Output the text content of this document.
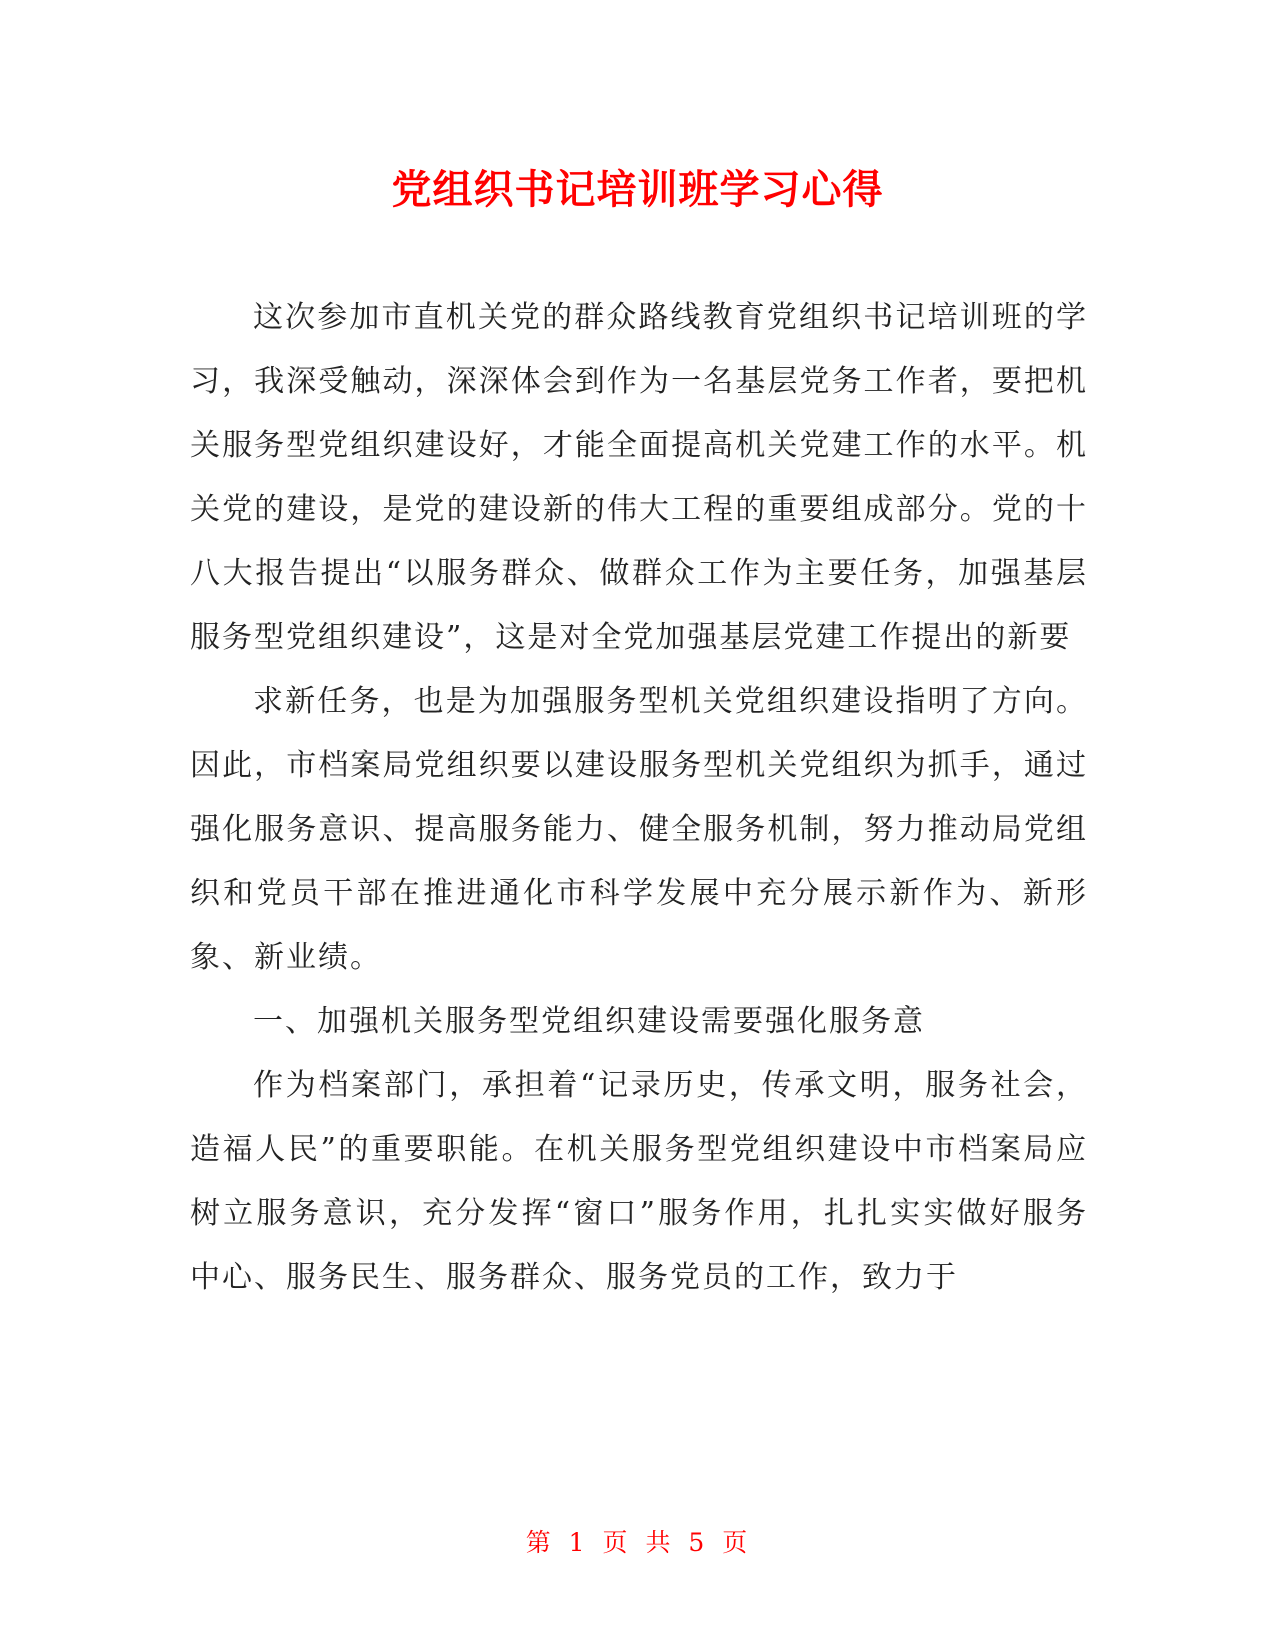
党组织书记培训班学习心得

这次参加市直机关党的群众路线教育党组织书记培训班的学习，我深受触动，深深体会到作为一名基层党务工作者，要把机关服务型党组织建设好，才能全面提高机关党建工作的水平。机关党的建设，是党的建设新的伟大工程的重要组成部分。党的十八大报告提出“以服务群众、做群众工作为主要任务，加强基层服务型党组织建设”，这是对全党加强基层党建工作提出的新要

求新任务，也是为加强服务型机关党组织建设指明了方向。因此，市档案局党组织要以建设服务型机关党组织为抓手，通过强化服务意识、提高服务能力、健全服务机制，努力推动局党组织和党员干部在推进通化市科学发展中充分展示新作为、新形象、新业绩。

一、加强机关服务型党组织建设需要强化服务意

作为档案部门，承担着“记录历史，传承文明，服务社会，造福人民”的重要职能。在机关服务型党组织建设中市档案局应树立服务意识，充分发挥“窗口”服务作用，扎扎实实做好服务中心、服务民生、服务群众、服务党员的工作，致力于

第 1 页 共 5 页
